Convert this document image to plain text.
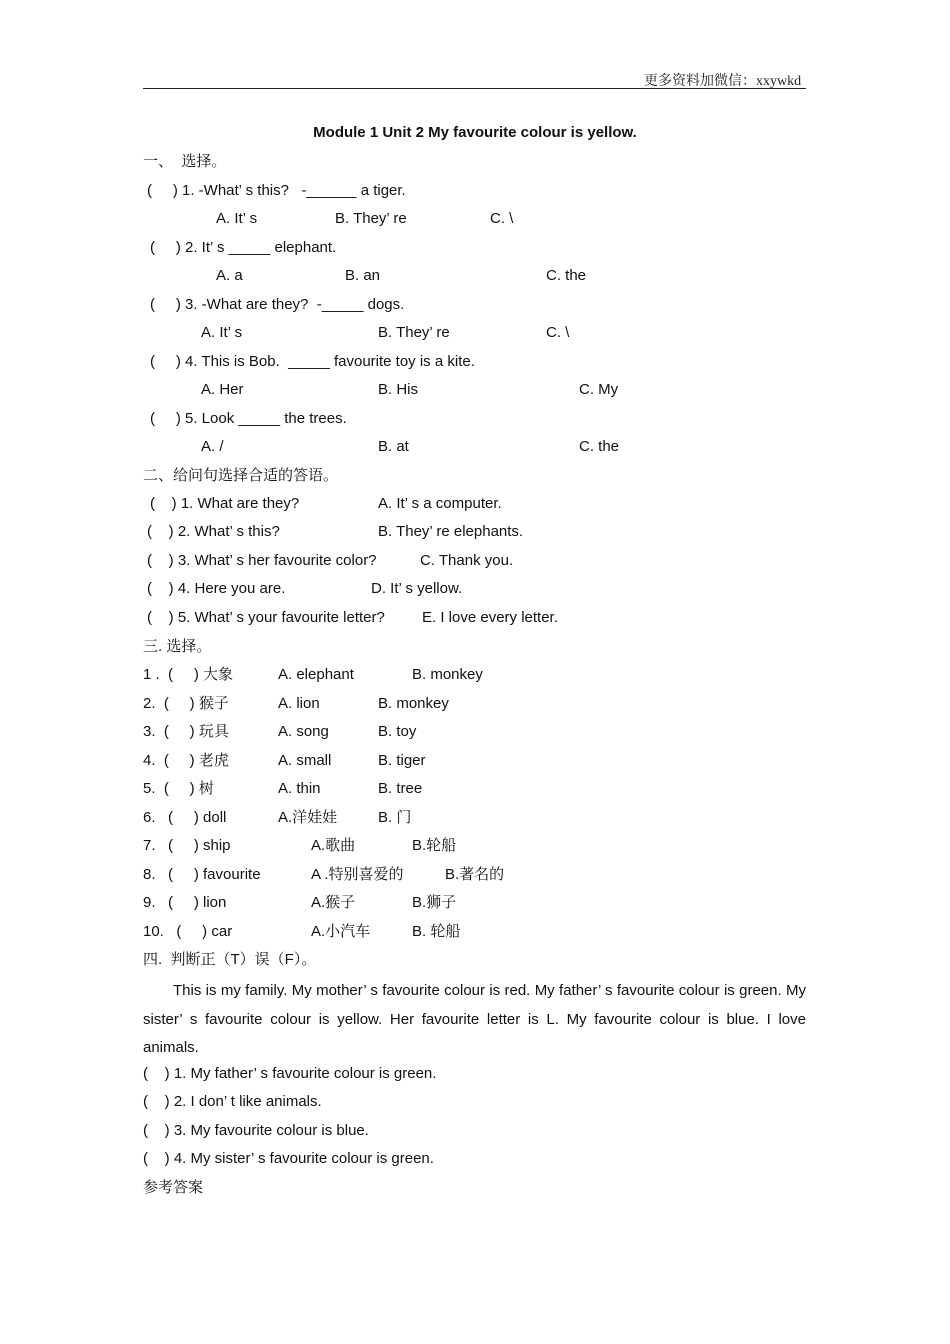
更多资料加微信：xxywkd
Module 1 Unit 2 My favourite colour is yellow.
一、  选择。
(     ) 1. -What’ s this?   -______ a tiger.
A. It’ s	B. They’ re	C. \
(     ) 2. It’ s _____ elephant.
A. a	B. an	C. the
(     ) 3. -What are they?  -_____ dogs.
A. It’ s	B. They’ re	C. \
(     ) 4. This is Bob.  _____ favourite toy is a kite.
A. Her	B. His	C. My
(     ) 5. Look _____ the trees.
A. /	B. at	C. the
二、给问句选择合适的答语。
(    ) 1. What are they?	A. It’ s a computer.
(    ) 2. What’ s this?	B. They’ re elephants.
(    ) 3. What’ s her favourite color?	C. Thank you.
(    ) 4. Here you are.	D. It’ s yellow.
(    ) 5. What’ s your favourite letter? E. I love every letter.
三. 选择。
1 .  (     ) 大象	A. elephant	B. monkey
2.  (     ) 猴子	A. lion	B. monkey
3.  (     ) 玩具	A. song	B. toy
4.  (     ) 老虎	A. small	B. tiger
5.  (     ) 树	A. thin	B. tree
6.   (     ) doll	A.洋娃娃	B. 门
7.   (     ) ship	A.歌曲	B.轮船
8.   (     ) favourite	A .特别喜爱的	B.著名的
9.   (     ) lion	A.猴子	B.狮子
10.   (     ) car	A.小汽车	B. 轮船
四.  判断正（T）误（F）。
This is my family. My mother’ s favourite colour is red. My father’ s favourite colour is green. My sister’ s favourite colour is yellow. Her favourite letter is L. My favourite colour is blue. I love animals.
(    ) 1. My father’ s favourite colour is green.
(    ) 2. I don’ t like animals.
(    ) 3. My favourite colour is blue.
(    ) 4. My sister’ s favourite colour is green.
参考答案
